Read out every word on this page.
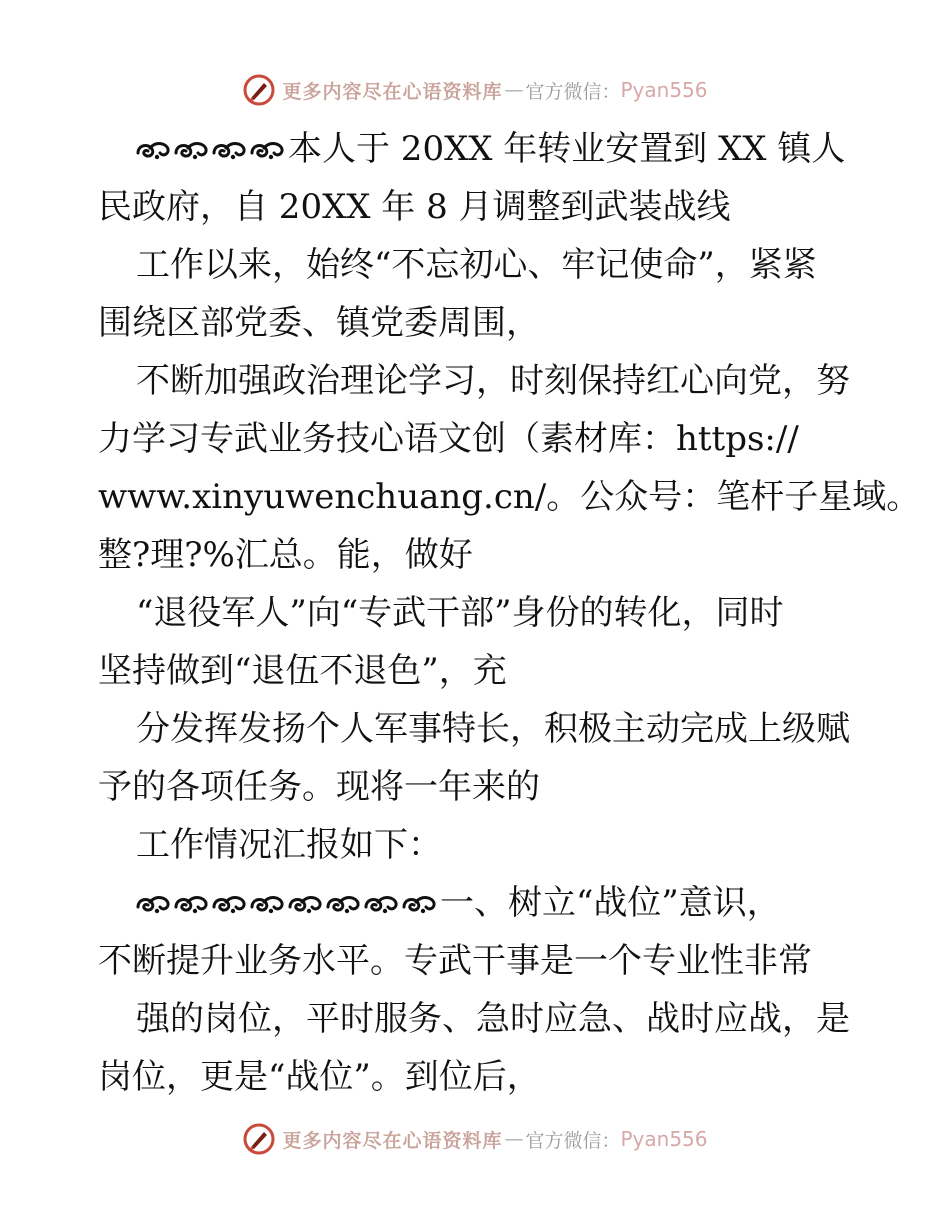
更多内容尽在心语资料库 — 官方微信： Pyan556
本人于 20XX 年转业安置到 XX 镇人
民政府，自 20XX 年 8 月调整到武装战线
工作以来，始终“不忘初心、牢记使命”，紧紧
围绕区部党委、镇党委周围，
不断加强政治理论学习，时刻保持红心向党，努
力学习专武业务技心语文创（素材库：https://
www.xinyuwenchuang.cn/。公众号：笔杆子星域。
整?理?%汇总。能，做好
“退役军人”向“专武干部”身份的转化，同时
坚持做到“退伍不退色”，充
分发挥发扬个人军事特长，积极主动完成上级赋
予的各项任务。现将一年来的
工作情况汇报如下：
一、树立“战位”意识，
不断提升业务水平。专武干事是一个专业性非常
强的岗位，平时服务、急时应急、战时应战，是
岗位，更是“战位”。到位后，
更多内容尽在心语资料库 — 官方微信： Pyan556
